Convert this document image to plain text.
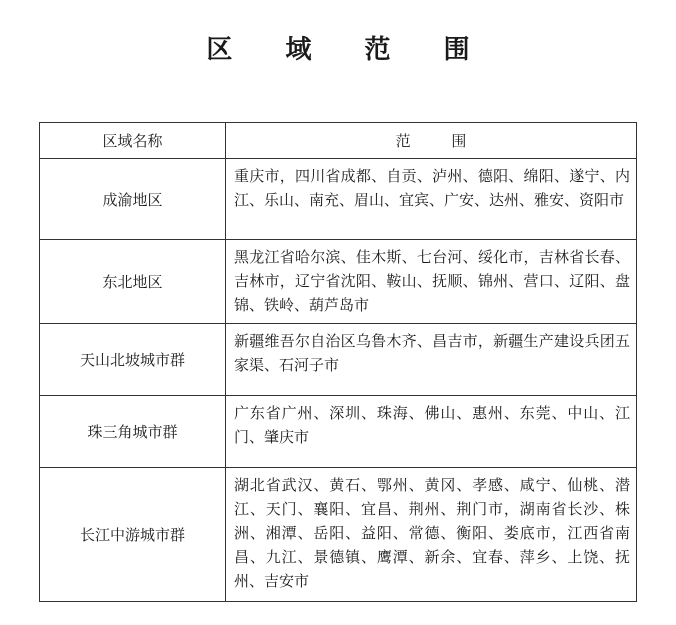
区 域 范 围
区域名称	范 围
成渝地区	重庆市，四川省成都、自贡、泸州、德阳、绵阳、遂宁、内江、乐山、南充、眉山、宜宾、广安、达州、雅安、资阳市
东北地区	黑龙江省哈尔滨、佳木斯、七台河、绥化市，吉林省长春、吉林市，辽宁省沈阳、鞍山、抚顺、锦州、营口、辽阳、盘锦、铁岭、葫芦岛市
天山北坡城市群	新疆维吾尔自治区乌鲁木齐、昌吉市，新疆生产建设兵团五家渠、石河子市
珠三角城市群	广东省广州、深圳、珠海、佛山、惠州、东莞、中山、江门、肇庆市
长江中游城市群	湖北省武汉、黄石、鄂州、黄冈、孝感、咸宁、仙桃、潜江、天门、襄阳、宜昌、荆州、荆门市，湖南省长沙、株洲、湘潭、岳阳、益阳、常德、衡阳、娄底市，江西省南昌、九江、景德镇、鹰潭、新余、宜春、萍乡、上饶、抚州、吉安市
